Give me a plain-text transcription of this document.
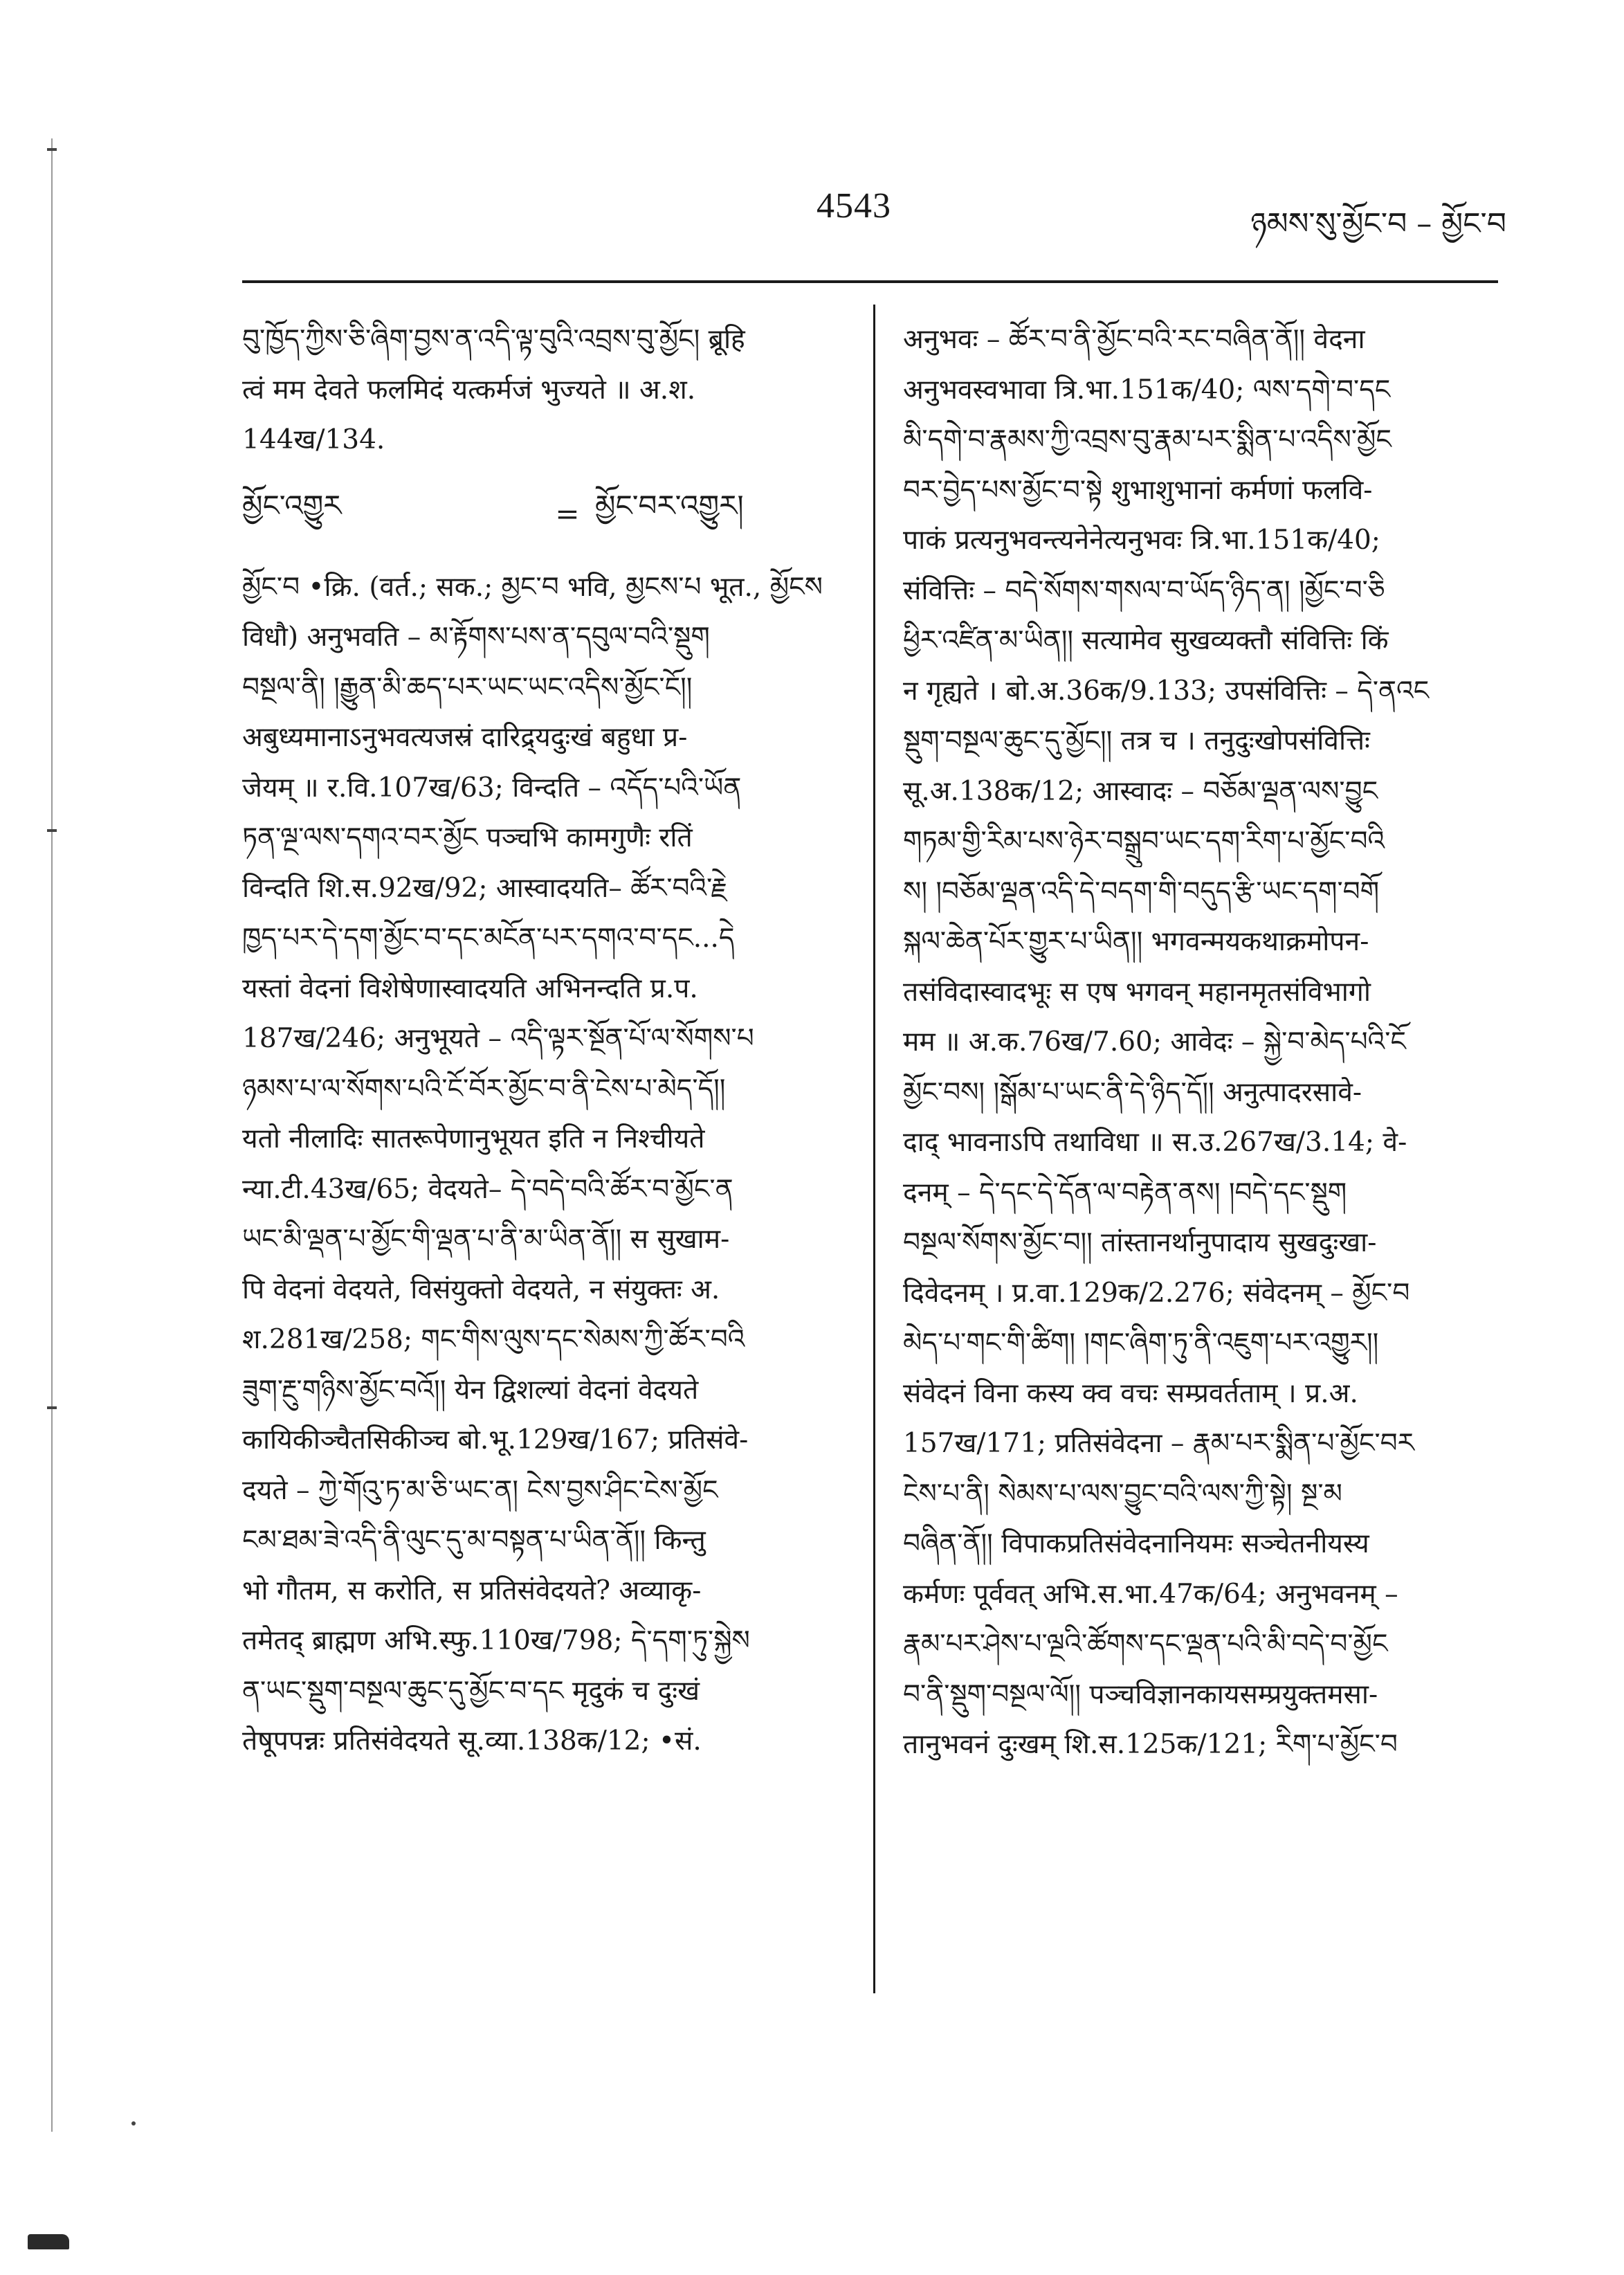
4543	ཉམས་སུ་མྱོང་བ – མྱོང་བ
བུ་ཁྱོད་ཀྱིས་ཅི་ཞིག་བྱས་ན་འདི་ལྟ་བུའི་འབྲས་བུ་མྱོང། ब्रूहि
त्वं मम देवते फलमिदं यत्कर्मजं भुज्यते ॥ अ.श.
144ख/134.
མྱོང་འགྱུར	= མྱོང་བར་འགྱུར།
མྱོང་བ •क्रि. (वर्त.; सक.; མྱང་བ भवि, མྱངས་པ भूत., མྱོངས
विधौ) अनुभवति – མ་རྟོགས་པས་ན་དབུལ་བའི་སྡུག
བསྔལ་ནི། །རྒྱུན་མི་ཆད་པར་ཡང་ཡང་འདིས་མྱོང་ངོ།།
अबुध्यमानाऽनुभवत्यजस्रं दारिद्र्यदुःखं बहुधा प्र-
जेयम् ॥ र.वि.107ख/63; विन्दति – འདོད་པའི་ཡོན
ཏན་ལྔ་ལས་དགའ་བར་མྱོང पञ्चभि कामगुणैः रतिं
विन्दति शि.स.92ख/92; आस्वादयति– ཚོར་བའི་རྗེ
ཁྱད་པར་དེ་དག་མྱོང་བ་དང་མངོན་པར་དགའ་བ་དང...དེ
यस्तां वेदनां विशेषेणास्वादयति अभिनन्दति प्र.प.
187ख/246; अनुभूयते – འདི་ལྟར་སྔོན་པོ་ལ་སོགས་པ
ཉམས་པ་ལ་སོགས་པའི་ངོ་བོར་མྱོང་བ་ནི་ངེས་པ་མེད་དོ།།
यतो नीलादिः सातरूपेणानुभूयत इति न निश्चीयते
न्या.टी.43ख/65; वेदयते– དེ་བདེ་བའི་ཚོར་བ་མྱོང་ན
ཡང་མི་ལྡན་པ་མྱོང་གི་ལྡན་པ་ནི་མ་ཡིན་ནོ།། स सुखाम-
पि वेदनां वेदयते, विसंयुक्तो वेदयते, न संयुक्तः अ.
श.281ख/258; གང་གིས་ལུས་དང་སེམས་ཀྱི་ཚོར་བའི
ཟུག་རྔུ་གཉིས་མྱོང་བའོ།། येन द्विशल्यां वेदनां वेदयते
कायिकीञ्चैतसिकीञ्च बो.भू.129ख/167; प्रतिसंवे-
दयते – ཀྱེ་གོའུ་ཏ་མ་ཅི་ཡང་ན། ངེས་བྱས་ཤིང་ངེས་མྱོང
ངམ་ཐམ་ཟེ་འདི་ནི་ལུང་དུ་མ་བསྟན་པ་ཡིན་ནོ།། किन्तु
भो गौतम, स करोति, स प्रतिसंवेदयते? अव्याकृ-
तमेतद् ब्राह्मण अभि.स्फु.110ख/798; དེ་དག་ཏུ་སྐྱེས
ན་ཡང་སྡུག་བསྔལ་ཆུང་དུ་མྱོང་བ་དང मृदुकं च दुःखं
तेषूपपन्नः प्रतिसंवेदयते सू.व्या.138क/12; •सं.
अनुभवः – ཚོར་བ་ནི་མྱོང་བའི་རང་བཞིན་ནོ།། वेदना
अनुभवस्वभावा त्रि.भा.151क/40; ལས་དགེ་བ་དང
མི་དགེ་བ་རྣམས་ཀྱི་འབྲས་བུ་རྣམ་པར་སྨིན་པ་འདིས་མྱོང
བར་བྱེད་པས་མྱོང་བ་སྟེ शुभाशुभानां कर्मणां फलवि-
पाकं प्रत्यनुभवन्त्यनेनेत्यनुभवः त्रि.भा.151क/40;
संवित्तिः – བདེ་སོགས་གསལ་བ་ཡོད་ཉིད་ན། །མྱོང་བ་ཅི
ཕྱིར་འཛིན་མ་ཡིན།། सत्यामेव सुखव्यक्तौ संवित्तिः किं
न गृह्यते । बो.अ.36क/9.133; उपसंवित्तिः – དེ་ནའང
སྡུག་བསྔལ་ཆུང་དུ་མྱོང།། तत्र च । तनुदुःखोपसंवित्तिः
सू.अ.138क/12; आस्वादः – བཅོམ་ལྡན་ལས་བྱུང
གཏམ་གྱི་རིམ་པས་ཉེར་བསྒྲུབ་ཡང་དག་རིག་པ་མྱོང་བའི
ས། །བཅོམ་ལྡན་འདི་དེ་བདག་གི་བདུད་རྩི་ཡང་དག་བགོ
སྐལ་ཆེན་པོར་གྱུར་པ་ཡིན།། भगवन्मयकथाक्रमोपन-
तसंविदास्वादभूः स एष भगवन् महानमृतसंविभागो
मम ॥ अ.क.76ख/7.60; आवेदः – སྐྱེ་བ་མེད་པའི་ངོ
མྱོང་བས། །སྒོམ་པ་ཡང་ནི་དེ་ཉིད་དོ།། अनुत्पादरसावे-
दाद् भावनाऽपि तथाविधा ॥ स.उ.267ख/3.14; वे-
दनम् – དེ་དང་དེ་དོན་ལ་བརྟེན་ནས། །བདེ་དང་སྡུག
བསྔལ་སོགས་མྱོང་བ།། तांस्तानर्थानुपादाय सुखदुःखा-
दिवेदनम् । प्र.वा.129क/2.276; संवेदनम् – མྱོང་བ
མེད་པ་གང་གི་ཚིག། །གང་ཞིག་ཏུ་ནི་འཇུག་པར་འགྱུར།།
संवेदनं विना कस्य क्व वचः सम्प्रवर्तताम् । प्र.अ.
157ख/171; प्रतिसंवेदना – རྣམ་པར་སྨིན་པ་མྱོང་བར
ངེས་པ་ནི། སེམས་པ་ལས་བྱུང་བའི་ལས་ཀྱི་སྟེ། སྔ་མ
བཞིན་ནོ།། विपाकप्रतिसंवेदनानियमः सञ्चेतनीयस्य
कर्मणः पूर्ववत् अभि.स.भा.47क/64; अनुभवनम् –
རྣམ་པར་ཤེས་པ་ལྔའི་ཚོགས་དང་ལྡན་པའི་མི་བདེ་བ་མྱོང
བ་ནི་སྡུག་བསྔལ་ལོ།། पञ्चविज्ञानकायसम्प्रयुक्तमसा-
तानुभवनं दुःखम् शि.स.125क/121; རིག་པ་མྱོང་བ
